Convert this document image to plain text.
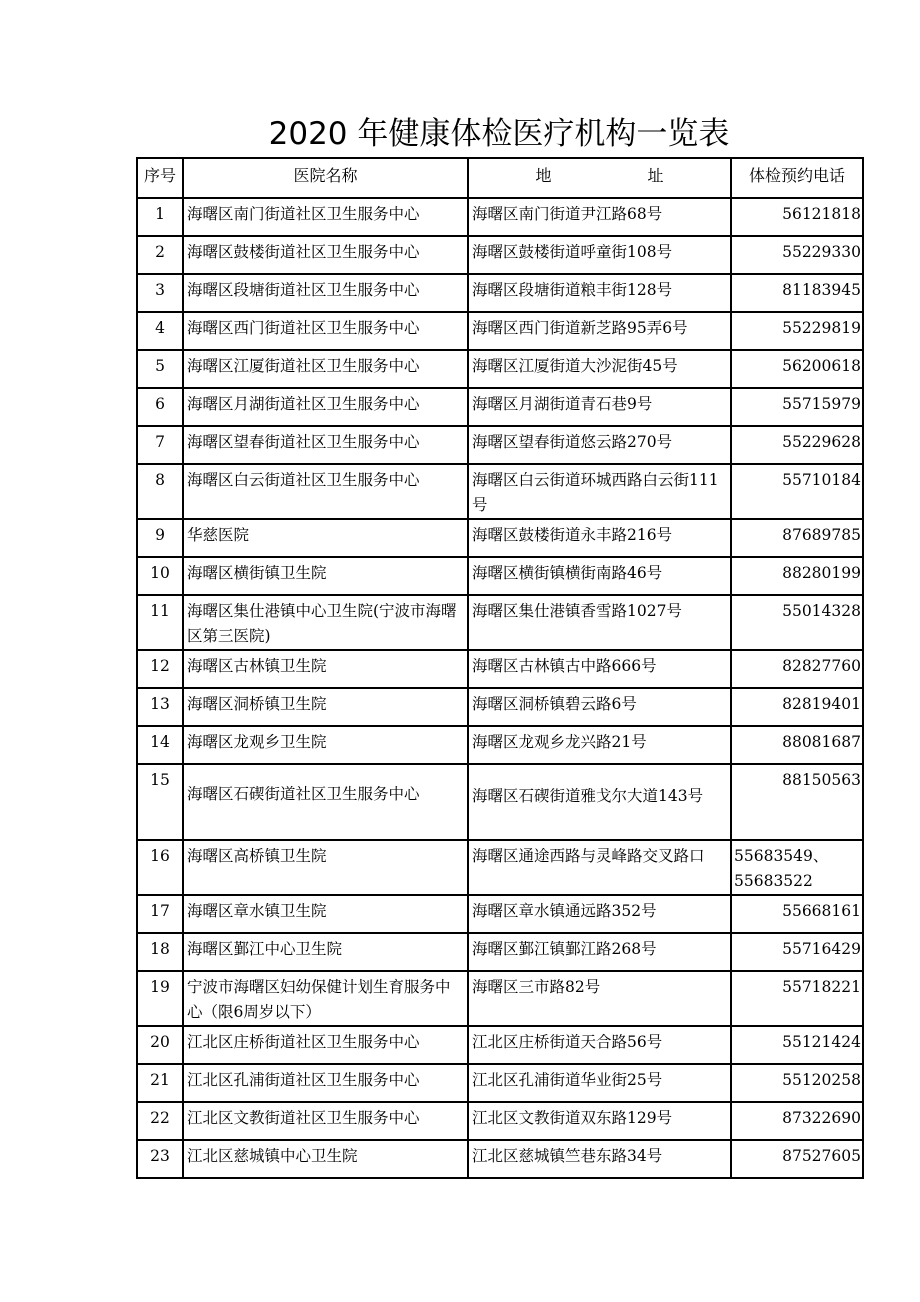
2020 年健康体检医疗机构一览表
序号	医院名称	地 址	体检预约电话
1	海曙区南门街道社区卫生服务中心	海曙区南门街道尹江路68号	56121818
2	海曙区鼓楼街道社区卫生服务中心	海曙区鼓楼街道呼童街108号	55229330
3	海曙区段塘街道社区卫生服务中心	海曙区段塘街道粮丰街128号	81183945
4	海曙区西门街道社区卫生服务中心	海曙区西门街道新芝路95弄6号	55229819
5	海曙区江厦街道社区卫生服务中心	海曙区江厦街道大沙泥街45号	56200618
6	海曙区月湖街道社区卫生服务中心	海曙区月湖街道青石巷9号	55715979
7	海曙区望春街道社区卫生服务中心	海曙区望春街道悠云路270号	55229628
8	海曙区白云街道社区卫生服务中心	海曙区白云街道环城西路白云街111号	55710184
9	华慈医院	海曙区鼓楼街道永丰路216号	87689785
10	海曙区横街镇卫生院	海曙区横街镇横街南路46号	88280199
11	海曙区集仕港镇中心卫生院(宁波市海曙区第三医院)	海曙区集仕港镇香雪路1027号	55014328
12	海曙区古林镇卫生院	海曙区古林镇古中路666号	82827760
13	海曙区洞桥镇卫生院	海曙区洞桥镇碧云路6号	82819401
14	海曙区龙观乡卫生院	海曙区龙观乡龙兴路21号	88081687
15	海曙区石碶街道社区卫生服务中心	海曙区石碶街道雅戈尔大道143号	88150563
16	海曙区高桥镇卫生院	海曙区通途西路与灵峰路交叉路口	55683549、55683522
17	海曙区章水镇卫生院	海曙区章水镇通远路352号	55668161
18	海曙区鄞江中心卫生院	海曙区鄞江镇鄞江路268号	55716429
19	宁波市海曙区妇幼保健计划生育服务中心（限6周岁以下）	海曙区三市路82号	55718221
20	江北区庄桥街道社区卫生服务中心	江北区庄桥街道天合路56号	55121424
21	江北区孔浦街道社区卫生服务中心	江北区孔浦街道华业街25号	55120258
22	江北区文教街道社区卫生服务中心	江北区文教街道双东路129号	87322690
23	江北区慈城镇中心卫生院	江北区慈城镇竺巷东路34号	87527605
